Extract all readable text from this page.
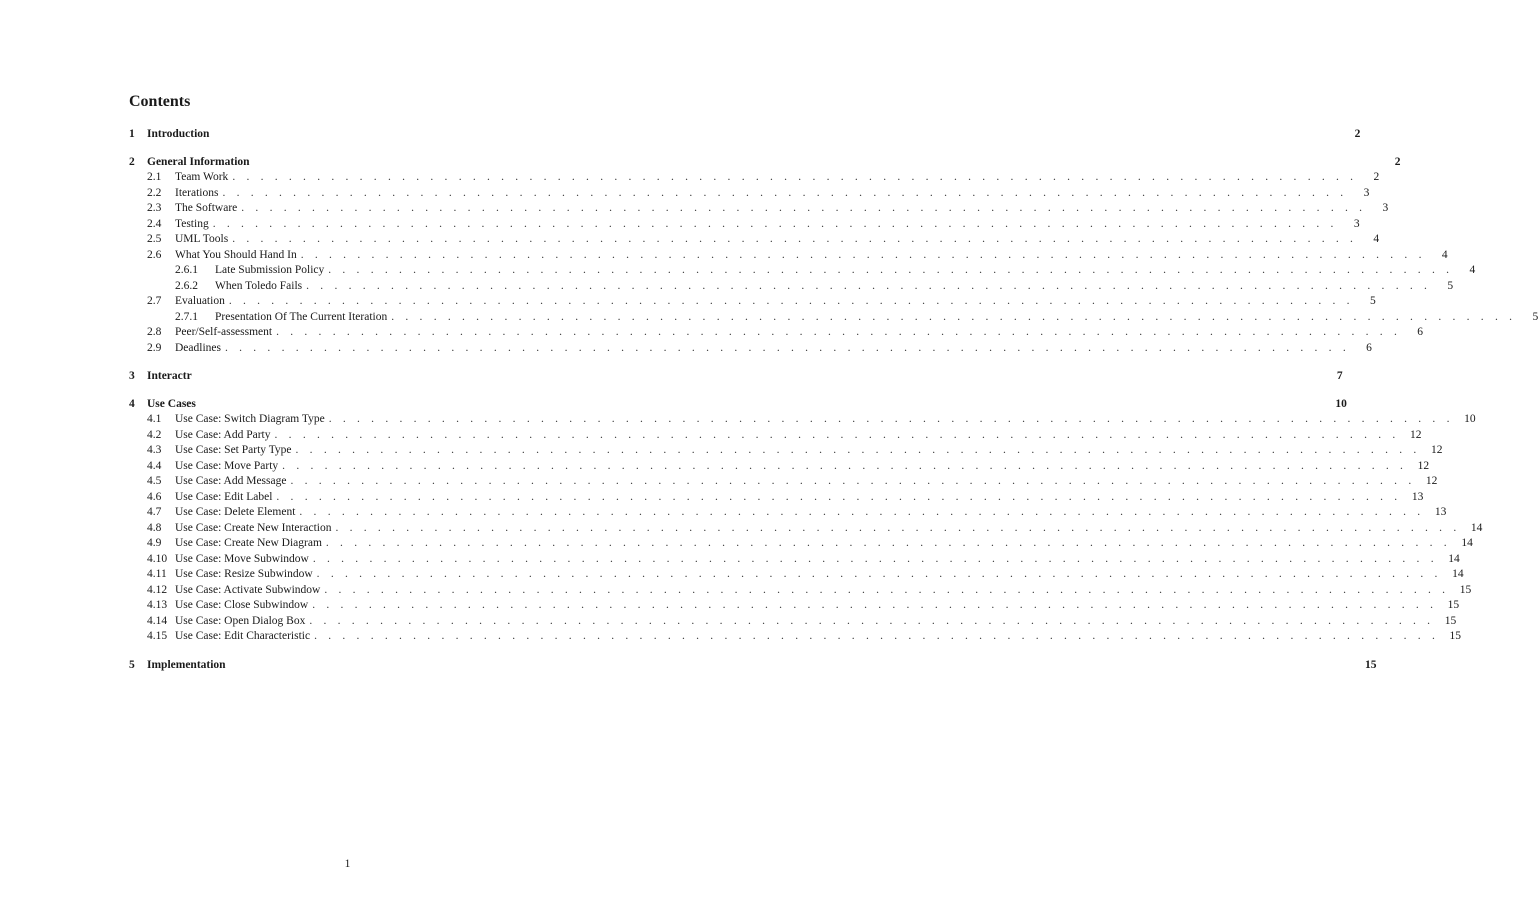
Contents
1	Introduction	2
2	General Information	2
2.1	Team Work . . . . . . . . . . . . . . . . . . . . . . . . . . . . . . . . . . . . . . . . . . . . . . . . . . . . . . . . . . . . . . . . . . . . . . . . . . . . . . . .	2
2.2	Iterations . . . . . . . . . . . . . . . . . . . . . . . . . . . . . . . . . . . . . . . . . . . . . . . . . . . . . . . . . . . . . . . . . . . . . . . . . . . . . . . .	3
2.3	The Software . . . . . . . . . . . . . . . . . . . . . . . . . . . . . . . . . . . . . . . . . . . . . . . . . . . . . . . . . . . . . . . . . . . . . . . . . . . . . . . .	3
2.4	Testing . . . . . . . . . . . . . . . . . . . . . . . . . . . . . . . . . . . . . . . . . . . . . . . . . . . . . . . . . . . . . . . . . . . . . . . . . . . . . . . .	3
2.5	UML Tools . . . . . . . . . . . . . . . . . . . . . . . . . . . . . . . . . . . . . . . . . . . . . . . . . . . . . . . . . . . . . . . . . . . . . . . . . . . . . . . .	4
2.6	What You Should Hand In . . . . . . . . . . . . . . . . . . . . . . . . . . . . . . . . . . . . . . . . . . . . . . . . . . . . . . . . . . . . . . . . . . . . . . . . . . . . . . . .	4
2.6.1	Late Submission Policy . . . . . . . . . . . . . . . . . . . . . . . . . . . . . . . . . . . . . . . . . . . . . . . . . . . . . . . . . . . . . . . . . . . . . . . . . . . . . . . .	4
2.6.2	When Toledo Fails . . . . . . . . . . . . . . . . . . . . . . . . . . . . . . . . . . . . . . . . . . . . . . . . . . . . . . . . . . . . . . . . . . . . . . . . . . . . . . . .	5
2.7	Evaluation . . . . . . . . . . . . . . . . . . . . . . . . . . . . . . . . . . . . . . . . . . . . . . . . . . . . . . . . . . . . . . . . . . . . . . . . . . . . . . . .	5
2.7.1	Presentation Of The Current Iteration . . . . . . . . . . . . . . . . . . . . . . . . . . . . . . . . . . . . . . . . . . . . . . . . . . . . . . . . . . . . . . . . . . . . . . . . . . . . . . . .	5
2.8	Peer/Self-assessment . . . . . . . . . . . . . . . . . . . . . . . . . . . . . . . . . . . . . . . . . . . . . . . . . . . . . . . . . . . . . . . . . . . . . . . . . . . . . . . .	6
2.9	Deadlines . . . . . . . . . . . . . . . . . . . . . . . . . . . . . . . . . . . . . . . . . . . . . . . . . . . . . . . . . . . . . . . . . . . . . . . . . . . . . . . .	6
3	Interactr	7
4	Use Cases	10
4.1	Use Case: Switch Diagram Type . . . . . . . . . . . . . . . . . . . . . . . . . . . . . . . . . . . . . . . . . . . . . . . . . . . . . . . . . . . . . . . . . . . . . . . . . . . . . . . . 10
4.2	Use Case: Add Party . . . . . . . . . . . . . . . . . . . . . . . . . . . . . . . . . . . . . . . . . . . . . . . . . . . . . . . . . . . . . . . . . . . . . . . . . . . . . . . . 12
4.3	Use Case: Set Party Type . . . . . . . . . . . . . . . . . . . . . . . . . . . . . . . . . . . . . . . . . . . . . . . . . . . . . . . . . . . . . . . . . . . . . . . . . . . . . . . . 12
4.4	Use Case: Move Party . . . . . . . . . . . . . . . . . . . . . . . . . . . . . . . . . . . . . . . . . . . . . . . . . . . . . . . . . . . . . . . . . . . . . . . . . . . . . . . . 12
4.5	Use Case: Add Message . . . . . . . . . . . . . . . . . . . . . . . . . . . . . . . . . . . . . . . . . . . . . . . . . . . . . . . . . . . . . . . . . . . . . . . . . . . . . . . . 12
4.6	Use Case: Edit Label . . . . . . . . . . . . . . . . . . . . . . . . . . . . . . . . . . . . . . . . . . . . . . . . . . . . . . . . . . . . . . . . . . . . . . . . . . . . . . . . 13
4.7	Use Case: Delete Element . . . . . . . . . . . . . . . . . . . . . . . . . . . . . . . . . . . . . . . . . . . . . . . . . . . . . . . . . . . . . . . . . . . . . . . . . . . . . . . . 13
4.8	Use Case: Create New Interaction . . . . . . . . . . . . . . . . . . . . . . . . . . . . . . . . . . . . . . . . . . . . . . . . . . . . . . . . . . . . . . . . . . . . . . . . . . . . . . . . 14
4.9	Use Case: Create New Diagram . . . . . . . . . . . . . . . . . . . . . . . . . . . . . . . . . . . . . . . . . . . . . . . . . . . . . . . . . . . . . . . . . . . . . . . . . . . . . . . . 14
4.10 Use Case: Move Subwindow . . . . . . . . . . . . . . . . . . . . . . . . . . . . . . . . . . . . . . . . . . . . . . . . . . . . . . . . . . . . . . . . . . . . . . . . . . . . . . . . 14
4.11 Use Case: Resize Subwindow . . . . . . . . . . . . . . . . . . . . . . . . . . . . . . . . . . . . . . . . . . . . . . . . . . . . . . . . . . . . . . . . . . . . . . . . . . . . . . . . 14
4.12 Use Case: Activate Subwindow . . . . . . . . . . . . . . . . . . . . . . . . . . . . . . . . . . . . . . . . . . . . . . . . . . . . . . . . . . . . . . . . . . . . . . . . . . . . . . . . 15
4.13 Use Case: Close Subwindow . . . . . . . . . . . . . . . . . . . . . . . . . . . . . . . . . . . . . . . . . . . . . . . . . . . . . . . . . . . . . . . . . . . . . . . . . . . . . . . . 15
4.14 Use Case: Open Dialog Box . . . . . . . . . . . . . . . . . . . . . . . . . . . . . . . . . . . . . . . . . . . . . . . . . . . . . . . . . . . . . . . . . . . . . . . . . . . . . . . . 15
4.15 Use Case: Edit Characteristic . . . . . . . . . . . . . . . . . . . . . . . . . . . . . . . . . . . . . . . . . . . . . . . . . . . . . . . . . . . . . . . . . . . . . . . . . . . . . . . . 15
5	Implementation	15
1
